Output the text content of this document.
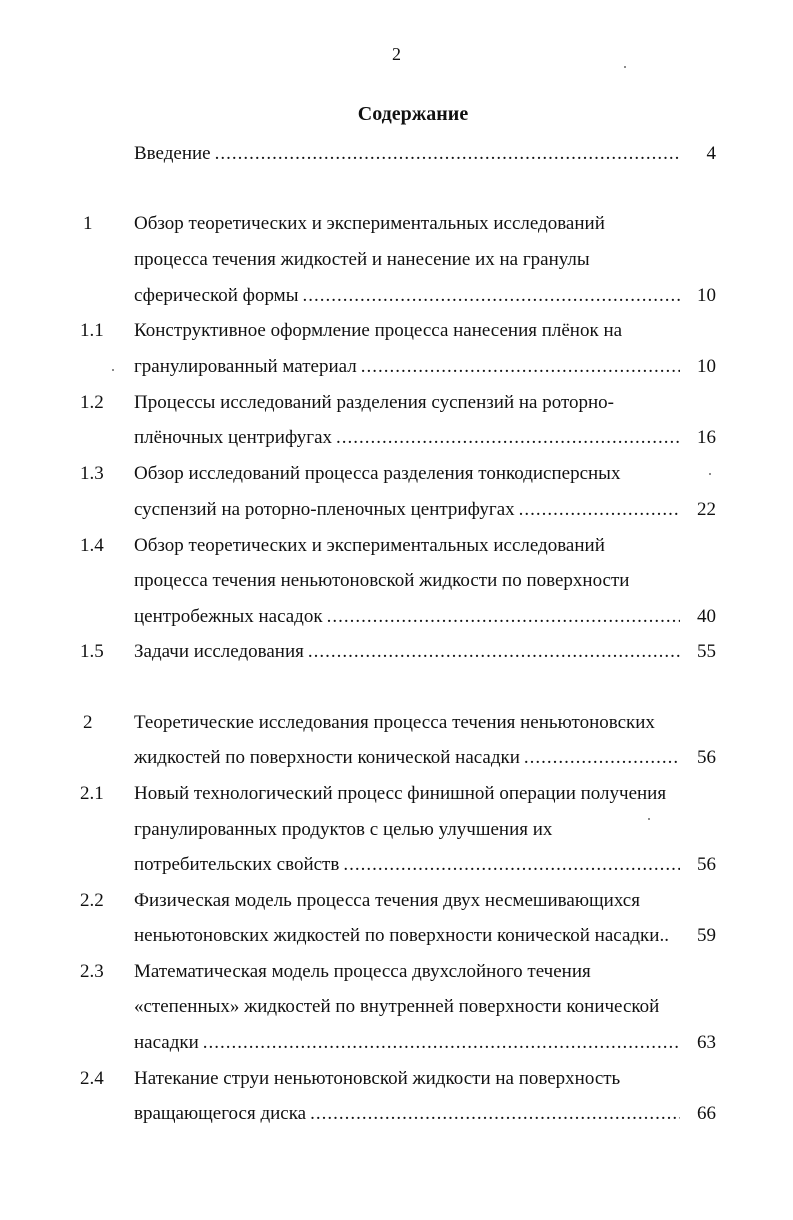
2
Содержание
Введение .....	4
1 Обзор теоретических и экспериментальных исследований
процесса течения жидкостей и нанесение их на гранулы
сферической формы .....	10
1.1 Конструктивное оформление процесса нанесения плёнок на
гранулированный материал .....	10
1.2 Процессы исследований разделения суспензий на роторно-
плёночных центрифугах .....	16
1.3 Обзор исследований процесса разделения тонкодисперсных
суспензий на роторно-пленочных центрифугах .....	22
1.4 Обзор теоретических и экспериментальных исследований
процесса течения неньютоновской жидкости по поверхности
центробежных насадок .....	40
1.5 Задачи исследования .....	55
2 Теоретические исследования процесса течения неньютоновских
жидкостей по поверхности конической насадки .....	56
2.1 Новый технологический процесс финишной операции получения
гранулированных продуктов с целью улучшения их
потребительских свойств .....	56
2.2 Физическая модель процесса течения двух несмешивающихся
неньютоновских жидкостей по поверхности конической насадки.. 59
2.3 Математическая модель процесса двухслойного течения
«степенных» жидкостей по внутренней поверхности конической
насадки .....	63
2.4 Натекание струи неньютоновской жидкости на поверхность
вращающегося диска .....	66
